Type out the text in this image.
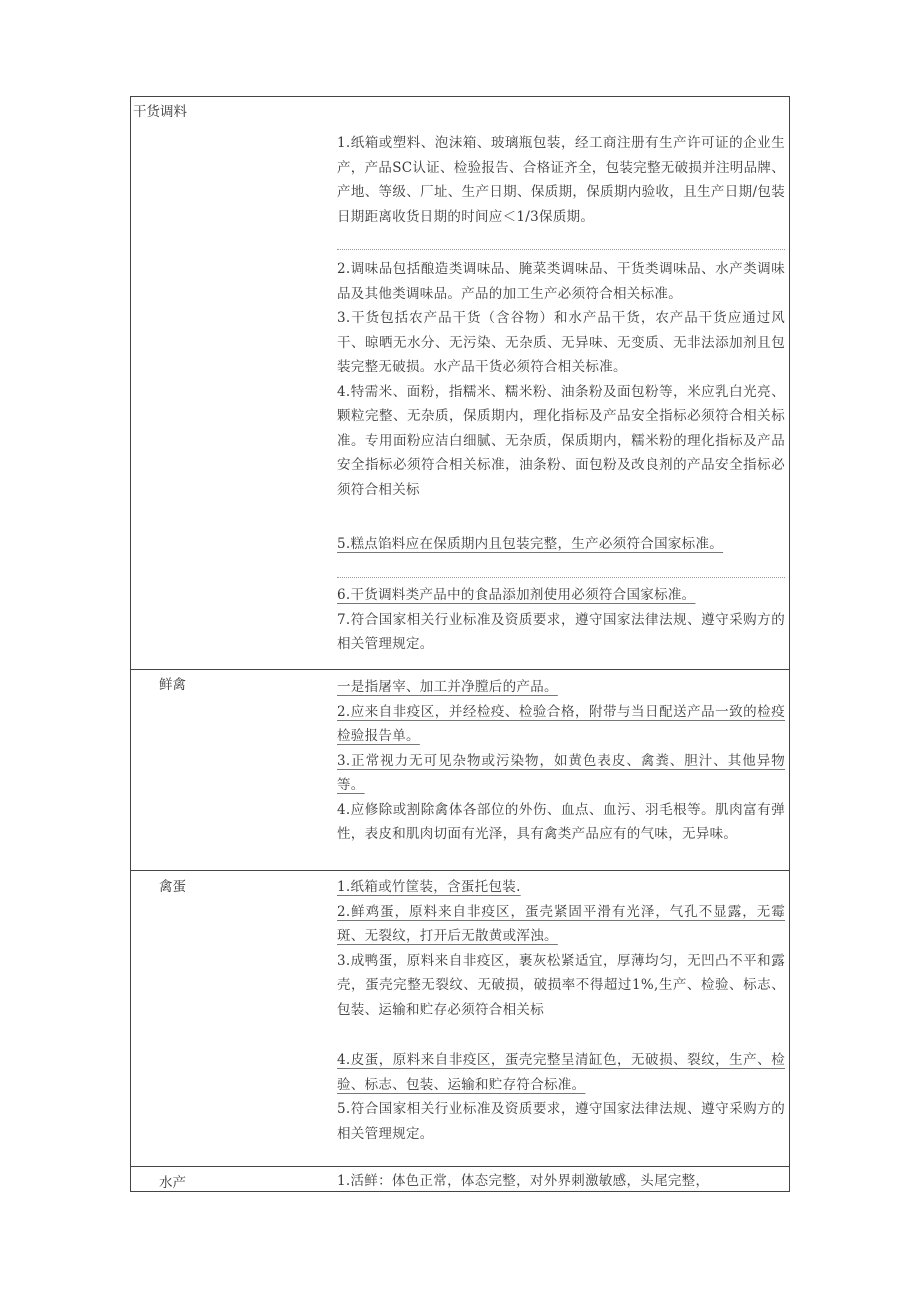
干货调料

1.纸箱或塑料、泡沫箱、玻璃瓶包装，经工商注册有生产许可证的企业生产，产品SC认证、检验报告、合格证齐全，包装完整无破损并注明品牌、产地、等级、厂址、生产日期、保质期，保质期内验收，且生产日期/包装日期距离收货日期的时间应＜1/3保质期。

2.调味品包括酿造类调味品、腌菜类调味品、干货类调味品、水产类调味品及其他类调味品。产品的加工生产必须符合相关标准。

3.干货包括农产品干货（含谷物）和水产品干货，农产品干货应通过风干、晾晒无水分、无污染、无杂质、无异味、无变质、无非法添加剂且包装完整无破损。水产品干货必须符合相关标准。

4.特需米、面粉，指糯米、糯米粉、油条粉及面包粉等，米应乳白光亮、颗粒完整、无杂质，保质期内，理化指标及产品安全指标必须符合相关标准。专用面粉应洁白细腻、无杂质，保质期内，糯米粉的理化指标及产品安全指标必须符合相关标准，油条粉、面包粉及改良剂的产品安全指标必须符合相关标

5.糕点馅料应在保质期内且包装完整，生产必须符合国家标准。

6.干货调料类产品中的食品添加剂使用必须符合国家标准。

7.符合国家相关行业标准及资质要求，遵守国家法律法规、遵守采购方的相关管理规定。

鲜禽	一是指屠宰、加工并净膛后的产品。

2.应来自非疫区，并经检疫、检验合格，附带与当日配送产品一致的检疫检验报告单。

3.正常视力无可见杂物或污染物，如黄色表皮、禽粪、胆汁、其他异物等。

4.应修除或割除禽体各部位的外伤、血点、血污、羽毛根等。肌肉富有弹性，表皮和肌肉切面有光泽，具有禽类产品应有的气味，无异味。

禽蛋	1.纸箱或竹筐装，含蛋托包装.

2.鲜鸡蛋，原料来自非疫区，蛋壳紧固平滑有光泽，气孔不显露，无霉斑、无裂纹，打开后无散黄或浑浊。

3.成鸭蛋，原料来自非疫区，裹灰松紧适宜，厚薄均匀，无凹凸不平和露壳，蛋壳完整无裂纹、无破损，破损率不得超过1%,生产、检验、标志、包装、运输和贮存必须符合相关标

4.皮蛋，原料来自非疫区，蛋壳完整呈清缸色，无破损、裂纹，生产、检验、标志、包装、运输和贮存符合标准。

5.符合国家相关行业标准及资质要求，遵守国家法律法规、遵守采购方的相关管理规定。

水产	1.活鲜：体色正常，体态完整，对外界刺激敏感，头尾完整，
